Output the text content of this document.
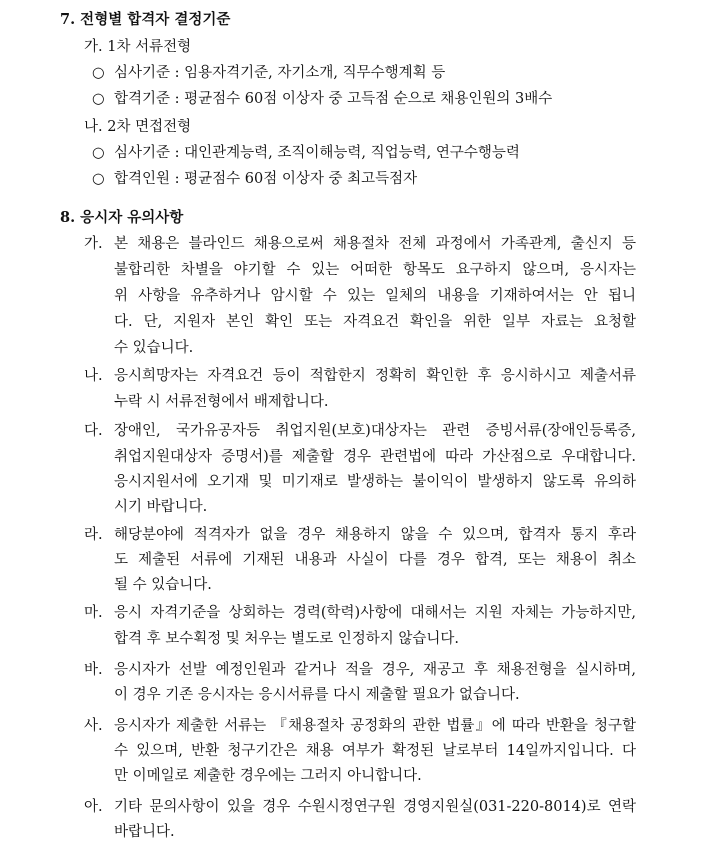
7. 전형별 합격자 결정기준
가. 1차 서류전형
○ 심사기준 : 임용자격기준, 자기소개, 직무수행계획 등
○ 합격기준 : 평균점수 60점 이상자 중 고득점 순으로 채용인원의 3배수
나. 2차 면접전형
○ 심사기준 : 대인관계능력, 조직이해능력, 직업능력, 연구수행능력
○ 합격인원 : 평균점수 60점 이상자 중 최고득점자
8. 응시자 유의사항
가. 본 채용은 블라인드 채용으로써 채용절차 전체 과정에서 가족관계, 출신지 등
불합리한 차별을 야기할 수 있는 어떠한 항목도 요구하지 않으며, 응시자는
위 사항을 유추하거나 암시할 수 있는 일체의 내용을 기재하여서는 안 됩니
다. 단, 지원자 본인 확인 또는 자격요건 확인을 위한 일부 자료는 요청할
수 있습니다.
나. 응시희망자는 자격요건 등이 적합한지 정확히 확인한 후 응시하시고 제출서류
누락 시 서류전형에서 배제합니다.
다. 장애인, 국가유공자등 취업지원(보호)대상자는 관련 증빙서류(장애인등록증,
취업지원대상자 증명서)를 제출할 경우 관련법에 따라 가산점으로 우대합니다.
응시지원서에 오기재 및 미기재로 발생하는 불이익이 발생하지 않도록 유의하
시기 바랍니다.
라. 해당분야에 적격자가 없을 경우 채용하지 않을 수 있으며, 합격자 통지 후라
도 제출된 서류에 기재된 내용과 사실이 다를 경우 합격, 또는 채용이 취소
될 수 있습니다.
마. 응시 자격기준을 상회하는 경력(학력)사항에 대해서는 지원 자체는 가능하지만,
합격 후 보수획정 및 처우는 별도로 인정하지 않습니다.
바. 응시자가 선발 예정인원과 같거나 적을 경우, 재공고 후 채용전형을 실시하며,
이 경우 기존 응시자는 응시서류를 다시 제출할 필요가 없습니다.
사. 응시자가 제출한 서류는 『채용절차 공정화의 관한 법률』에 따라 반환을 청구할
수 있으며, 반환 청구기간은 채용 여부가 확정된 날로부터 14일까지입니다. 다
만 이메일로 제출한 경우에는 그러지 아니합니다.
아. 기타 문의사항이 있을 경우 수원시정연구원 경영지원실(031-220-8014)로 연락
바랍니다.
